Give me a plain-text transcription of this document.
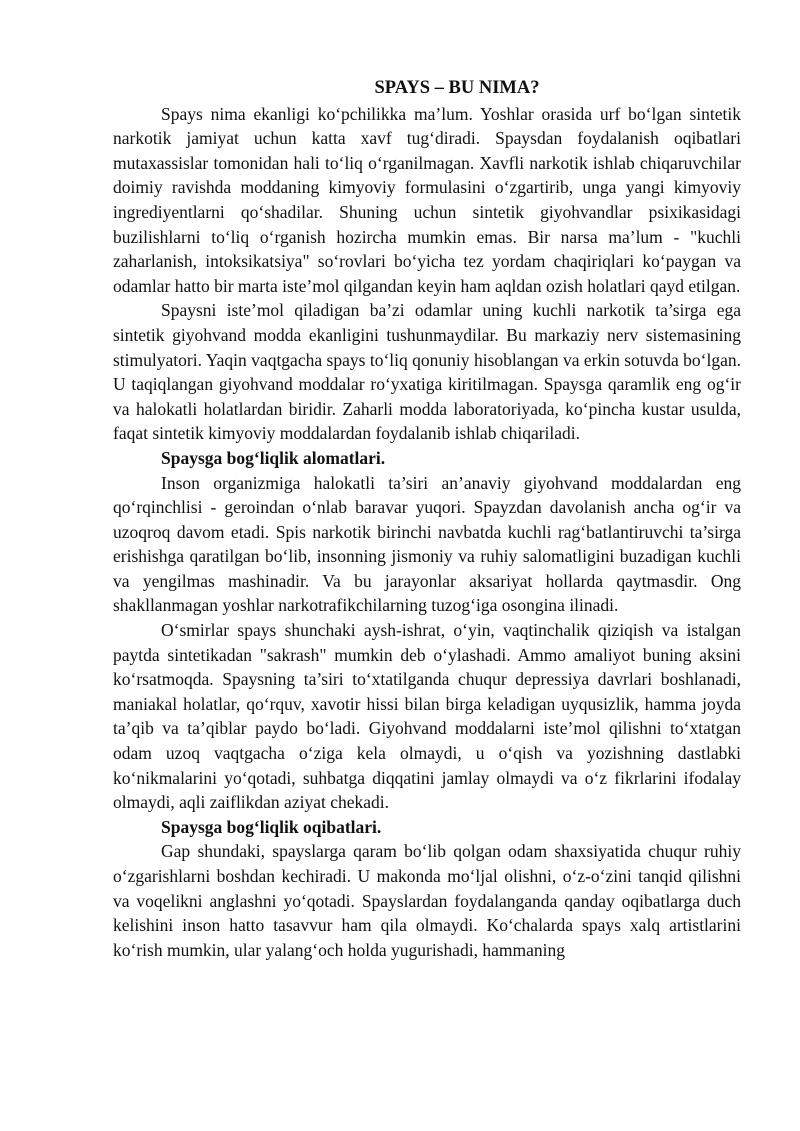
SPAYS – BU NIMA?

Spays nima ekanligi ko‘pchilikka ma’lum. Yoshlar orasida urf bo‘lgan sintetik narkotik jamiyat uchun katta xavf tug‘diradi. Spaysdan foydalanish oqibatlari mutaxassislar tomonidan hali to‘liq o‘rganilmagan. Xavfli narkotik ishlab chiqaruvchilar doimiy ravishda moddaning kimyoviy formulasini o‘zgartirib, unga yangi kimyoviy ingrediyentlarni qo‘shadilar. Shuning uchun sintetik giyohvandlar psixikasidagi buzilishlarni to‘liq o‘rganish hozircha mumkin emas. Bir narsa ma’lum - "kuchli zaharlanish, intoksikatsiya" so‘rovlari bo‘yicha tez yordam chaqiriqlari ko‘paygan va odamlar hatto bir marta iste’mol qilgandan keyin ham aqldan ozish holatlari qayd etilgan.

Spaysni iste’mol qiladigan ba’zi odamlar uning kuchli narkotik ta’sirga ega sintetik giyohvand modda ekanligini tushunmaydilar. Bu markaziy nerv sistemasining stimulyatori. Yaqin vaqtgacha spays to‘liq qonuniy hisoblangan va erkin sotuvda bo‘lgan. U taqiqlangan giyohvand moddalar ro‘yxatiga kiritilmagan. Spaysga qaramlik eng og‘ir va halokatli holatlardan biridir. Zaharli modda laboratoriyada, ko‘pincha kustar usulda, faqat sintetik kimyoviy moddalardan foydalanib ishlab chiqariladi.

Spaysga bog‘liqlik alomatlari.

Inson organizmiga halokatli ta’siri an’anaviy giyohvand moddalardan eng qo‘rqinchlisi - geroindan o‘nlab baravar yuqori. Spayzdan davolanish ancha og‘ir va uzoqroq davom etadi. Spis narkotik birinchi navbatda kuchli rag‘batlantiruvchi ta’sirga erishishga qaratilgan bo‘lib, insonning jismoniy va ruhiy salomatligini buzadigan kuchli va yengilmas mashinadir. Va bu jarayonlar aksariyat hollarda qaytmasdir. Ong shakllanmagan yoshlar narkotrafikchilarning tuzog‘iga osongina ilinadi.

O‘smirlar spays shunchaki aysh-ishrat, o‘yin, vaqtinchalik qiziqish va istalgan paytda sintetikadan "sakrash" mumkin deb o‘ylashadi. Ammo amaliyot buning aksini ko‘rsatmoqda. Spaysning ta’siri to‘xtatilganda chuqur depressiya davrlari boshlanadi, maniakal holatlar, qo‘rquv, xavotir hissi bilan birga keladigan uyqusizlik, hamma joyda ta’qib va ta’qiblar paydo bo‘ladi. Giyohvand moddalarni iste’mol qilishni to‘xtatgan odam uzoq vaqtgacha o‘ziga kela olmaydi, u o‘qish va yozishning dastlabki ko‘nikmalarini yo‘qotadi, suhbatga diqqatini jamlay olmaydi va o‘z fikrlarini ifodalay olmaydi, aqli zaiflikdan aziyat chekadi.

Spaysga bog‘liqlik oqibatlari.

Gap shundaki, spayslarga qaram bo‘lib qolgan odam shaxsiyatida chuqur ruhiy o‘zgarishlarni boshdan kechiradi. U makonda mo‘ljal olishni, o‘z-o‘zini tanqid qilishni va voqelikni anglashni yo‘qotadi. Spayslardan foydalanganda qanday oqibatlarga duch kelishini inson hatto tasavvur ham qila olmaydi. Ko‘chalarda spays xalq artistlarini ko‘rish mumkin, ular yalang‘och holda yugurishadi, hammaning
